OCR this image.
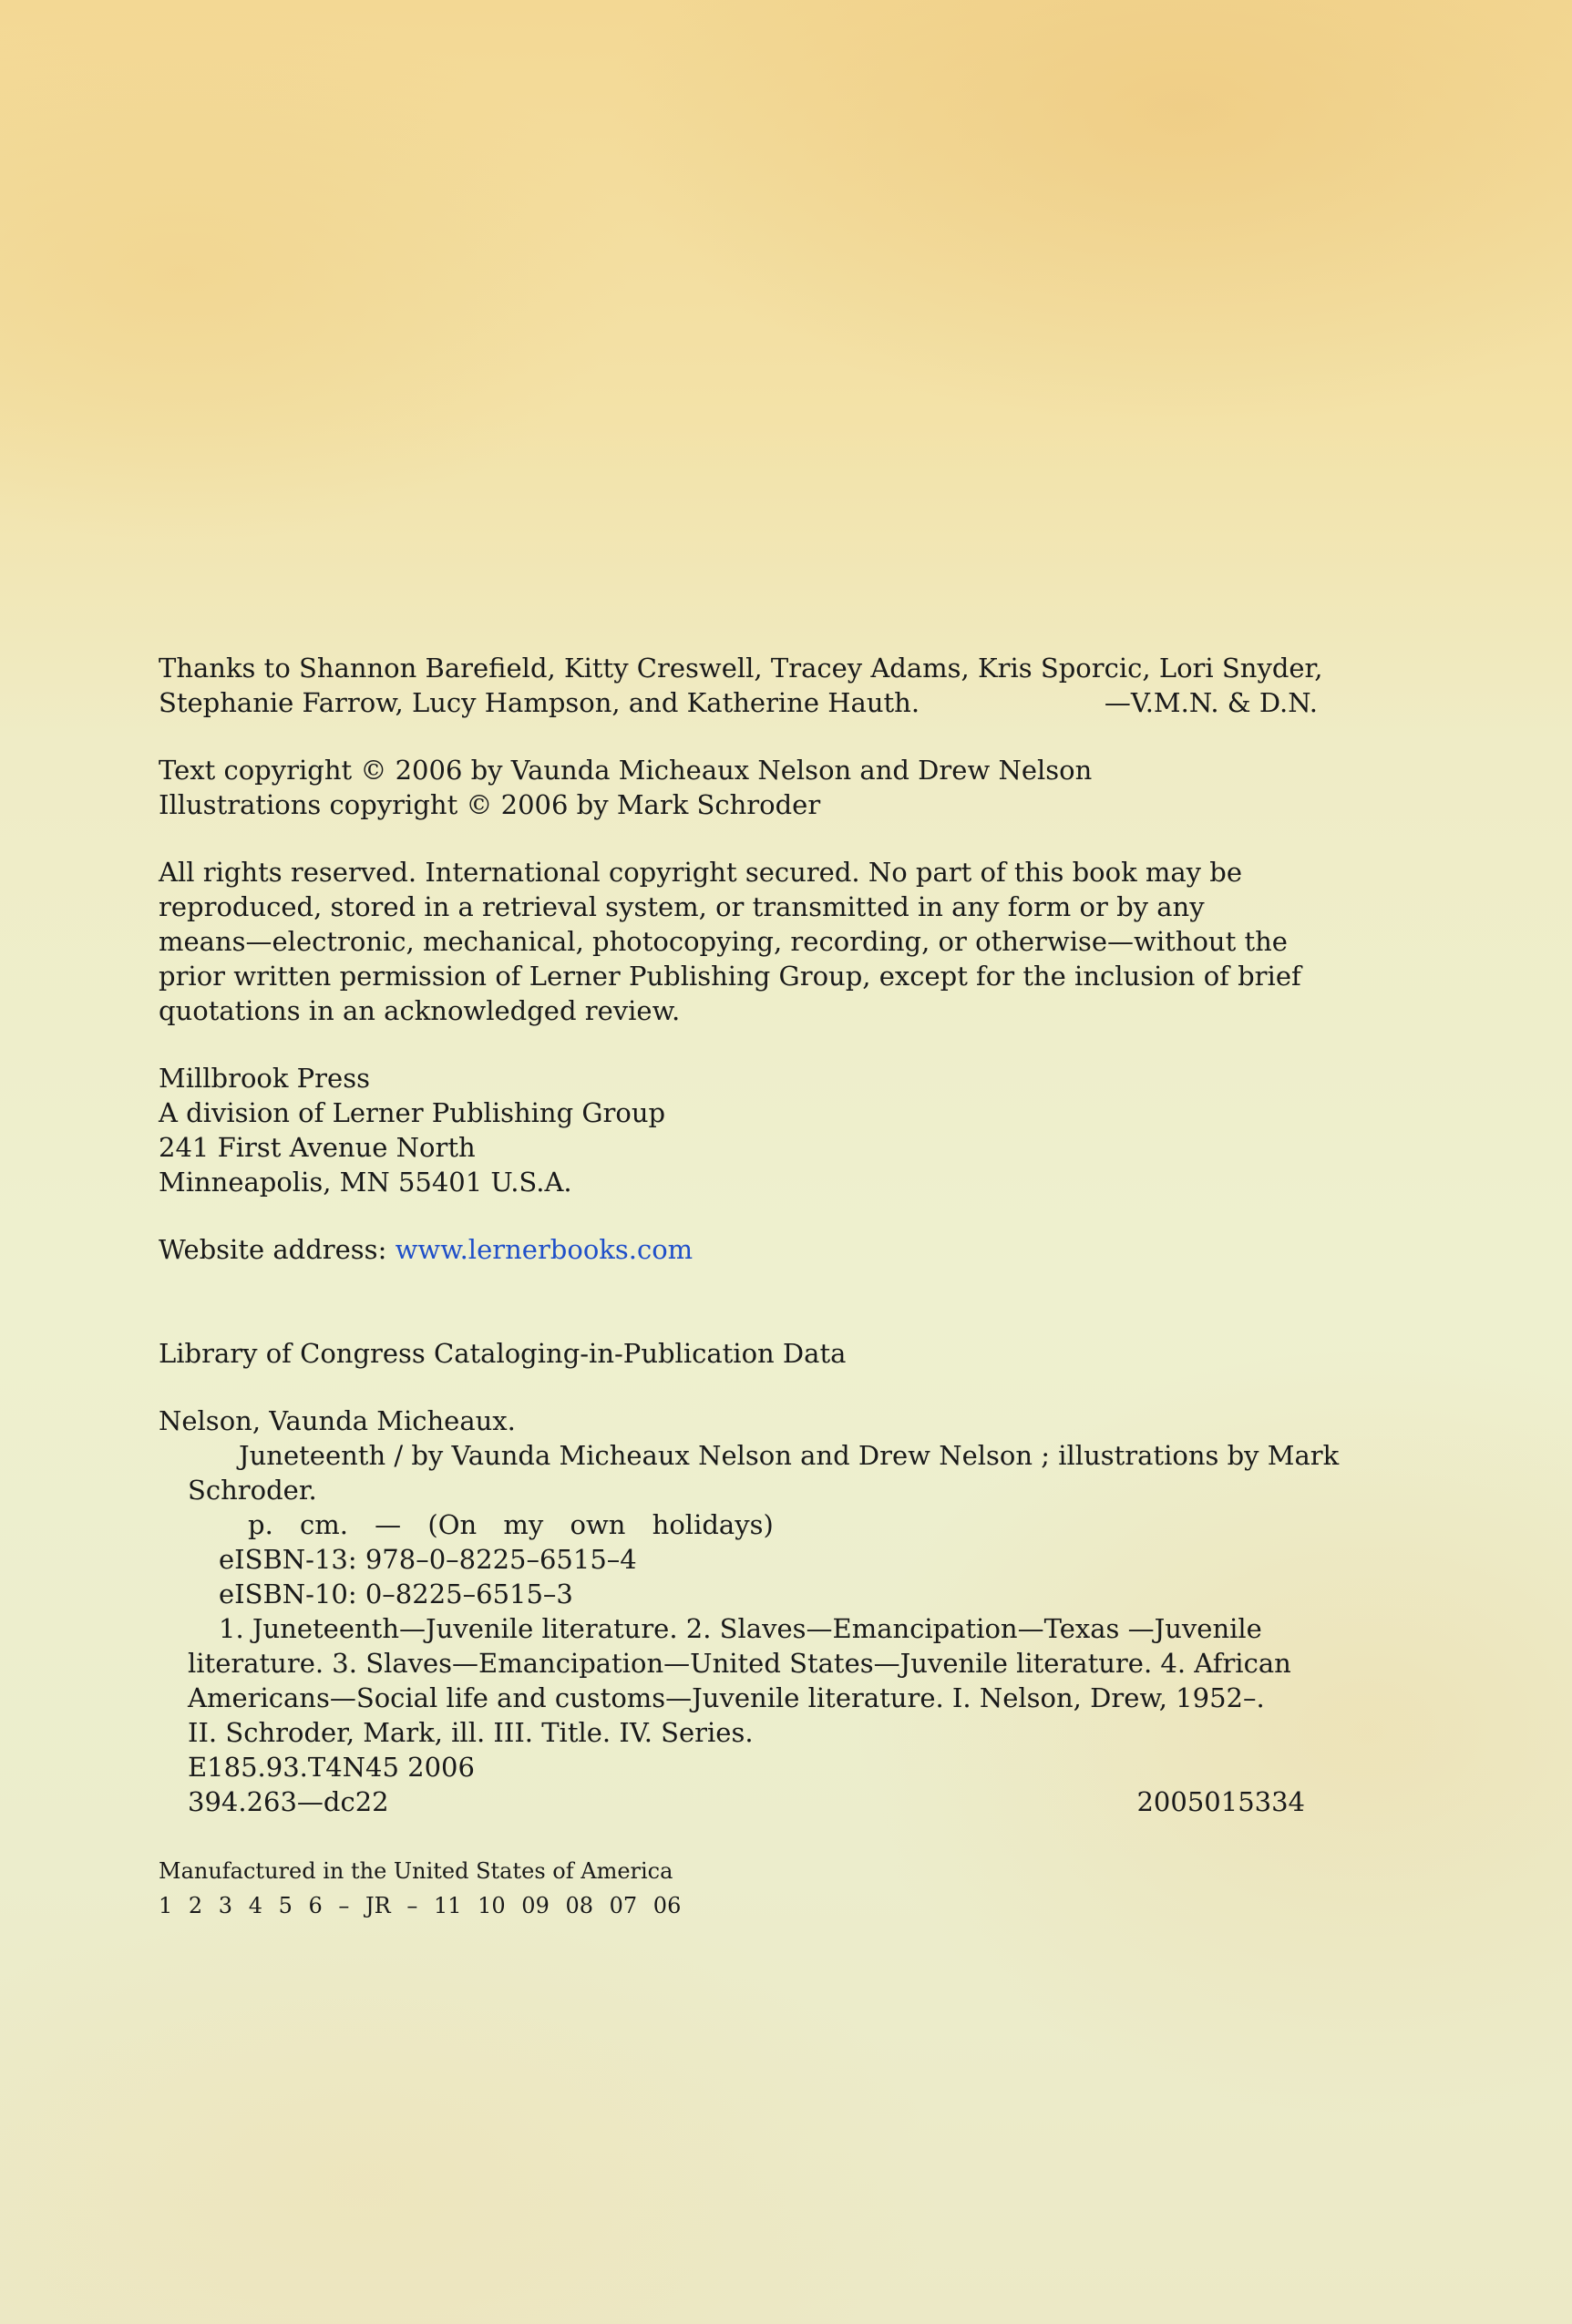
Thanks to Shannon Barefield, Kitty Creswell, Tracey Adams, Kris Sporcic, Lori Snyder,
Stephanie Farrow, Lucy Hampson, and Katherine Hauth.	—V.M.N. & D.N.
Text copyright © 2006 by Vaunda Micheaux Nelson and Drew Nelson
Illustrations copyright © 2006 by Mark Schroder
All rights reserved. International copyright secured. No part of this book may be
reproduced, stored in a retrieval system, or transmitted in any form or by any
means—electronic, mechanical, photocopying, recording, or otherwise—without the
prior written permission of Lerner Publishing Group, except for the inclusion of brief
quotations in an acknowledged review.
Millbrook Press
A division of Lerner Publishing Group
241 First Avenue North
Minneapolis, MN 55401 U.S.A.
Website address: www.lernerbooks.com
Library of Congress Cataloging-in-Publication Data
Nelson, Vaunda Micheaux.
Juneteenth / by Vaunda Micheaux Nelson and Drew Nelson ; illustrations by Mark
Schroder.
p. cm. — (On my own holidays)
eISBN-13: 978–0–8225–6515–4
eISBN-10: 0–8225–6515–3
1. Juneteenth—Juvenile literature. 2. Slaves—Emancipation—Texas —Juvenile
literature. 3. Slaves—Emancipation—United States—Juvenile literature. 4. African
Americans—Social life and customs—Juvenile literature. I. Nelson, Drew, 1952–.
II. Schroder, Mark, ill. III. Title. IV. Series.
E185.93.T4N45 2006
394.263—dc22	2005015334
Manufactured in the United States of America
1 2 3 4 5 6 – JR – 11 10 09 08 07 06
